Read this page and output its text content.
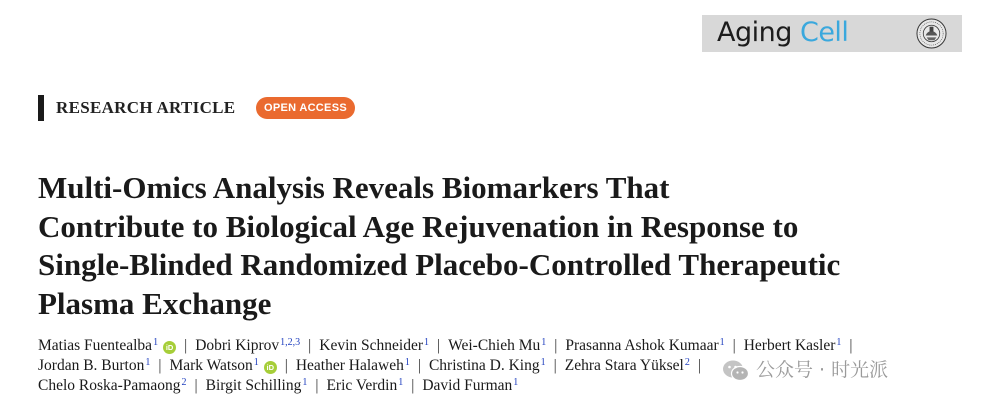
Aging Cell
RESEARCH ARTICLE	OPEN ACCESS
Multi-Omics Analysis Reveals Biomarkers That
Contribute to Biological Age Rejuvenation in Response to
Single-Blinded Randomized Placebo-Controlled Therapeutic
Plasma Exchange
Matias Fuentealba$^1$ iD | Dobri Kiprov$^{1,2,3}$ | Kevin Schneider$^1$ | Wei-Chieh Mu$^1$ | Prasanna Ashok Kumaar$^1$ | Herbert Kasler$^1$ |
Jordan B. Burton$^1$ | Mark Watson$^1$ iD | Heather Halaweh$^1$ | Christina D. King$^1$ | Zehra Stara Yüksel$^2$ |
Chelo Roska-Pamaong$^2$ | Birgit Schilling$^1$ | Eric Verdin$^1$ | David Furman$^1$
公众号 · 时光派
